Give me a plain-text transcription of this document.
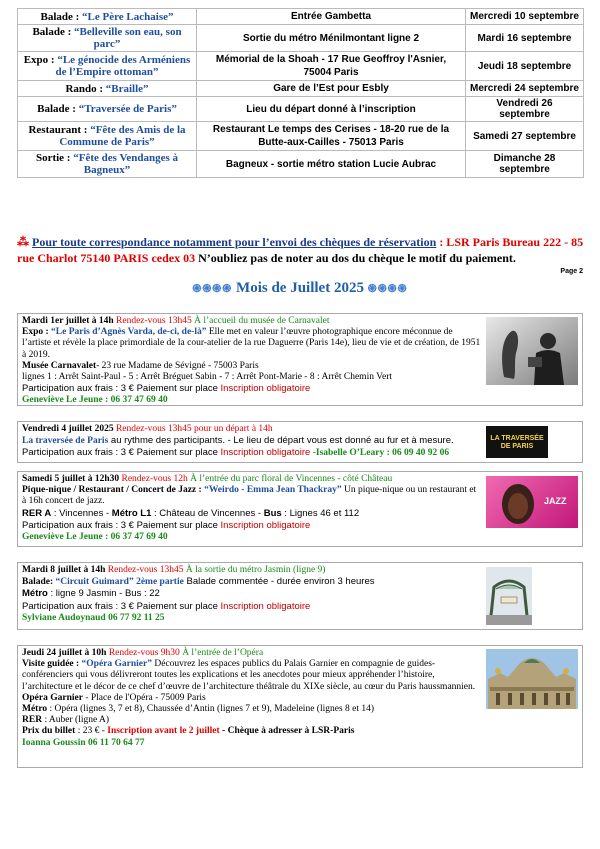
Balade : “Le Père Lachaise”	Entrée Gambetta	Mercredi 10 septembre
Balade : “Belleville son eau, son parc”	Sortie du métro Ménilmontant ligne 2	Mardi 16 septembre
Expo : “Le génocide des Arméniens de l’Empire ottoman”	Mémorial de la Shoah - 17 Rue Geoffroy l'Asnier, 75004 Paris	Jeudi 18 septembre
Rando : “Braille”	Gare de l’Est pour Esbly	Mercredi 24 septembre
Balade : “Traversée de Paris”	Lieu du départ donné à l’inscription	Vendredi 26 septembre
Restaurant : “Fête des Amis de la Commune de Paris”	Restaurant Le temps des Cerises - 18-20 rue de la Butte-aux-Cailles - 75013 Paris	Samedi 27 septembre
Sortie : “Fête des Vendanges à Bagneux”	Bagneux - sortie métro station Lucie Aubrac	Dimanche 28 septembre
⁂ Pour toute correspondance notamment pour l’envoi des chèques de réservation : LSR Paris Bureau 222 - 85 rue Charlot 75140 PARIS cedex 03 N’oubliez pas de noter au dos du chèque le motif du paiement.
Page 2
֍֍֍֍ Mois de Juillet 2025 ֍֍֍֍
Mardi 1er juillet à 14h Rendez-vous 13h45 À l’accueil du musée de Carnavalet
Expo : “Le Paris d’Agnès Varda, de-ci, de-là” Elle met en valeur l’œuvre photographique encore méconnue de l’artiste et révèle la place primordiale de la cour-atelier de la rue Daguerre (Paris 14e), lieu de vie et de création, de 1951 à 2019.
Musée Carnavalet- 23 rue Madame de Sévigné - 75003 Paris
lignes 1 : Arrêt Saint-Paul - 5 : Arrêt Bréguet Sabin - 7 : Arrêt Pont-Marie - 8 : Arrêt Chemin Vert
Participation aux frais : 3 € Paiement sur place Inscription obligatoire
Geneviève Le Jeune : 06 37 47 69 40
Vendredi 4 juillet 2025 Rendez-vous 13h45 pour un départ à 14h
La traversée de Paris au rythme des participants. - Le lieu de départ vous est donné au fur et à mesure.
Participation aux frais : 3 € Paiement sur place Inscription obligatoire -Isabelle O’Leary : 06 09 40 92 06
LA TRAVERSÉE DE PARIS
Samedi 5 juillet à 12h30 Rendez-vous 12h À l’entrée du parc floral de Vincennes - côté Château
Pique-nique / Restaurant / Concert de Jazz : “Weirdo - Emma Jean Thackray” Un pique-nique ou un restaurant et à 16h concert de jazz.
RER A : Vincennes - Métro L1 : Château de Vincennes - Bus : Lignes 46 et 112
Participation aux frais : 3 € Paiement sur place Inscription obligatoire
Geneviève Le Jeune : 06 37 47 69 40
JAZZ
Mardi 8 juillet à 14h Rendez-vous 13h45 À la sortie du métro Jasmin (ligne 9)
Balade: “Circuit Guimard” 2ème partie Balade commentée - durée environ 3 heures
Métro : ligne 9 Jasmin - Bus : 22
Participation aux frais : 3 € Paiement sur place Inscription obligatoire
Sylviane Audoynaud 06 77 92 11 25
Jeudi 24 juillet à 10h Rendez-vous 9h30 À l’entrée de l’Opéra
Visite guidée : “Opéra Garnier” Découvrez les espaces publics du Palais Garnier en compagnie de guides-conférenciers qui vous délivreront toutes les explications et les anecdotes pour mieux appréhender l’histoire, l’architecture et le décor de ce chef d’œuvre de l’architecture théâtrale du XIXe siècle, au cœur du Paris haussmannien.
Opéra Garnier - Place de l'Opéra - 75009 Paris
Métro : Opéra (lignes 3, 7 et 8), Chaussée d’Antin (lignes 7 et 9), Madeleine (lignes 8 et 14)
RER : Auber (ligne A)
Prix du billet : 23 € - Inscription avant le 2 juillet - Chèque à adresser à LSR-Paris
Ioanna Goussin 06 11 70 64 77
